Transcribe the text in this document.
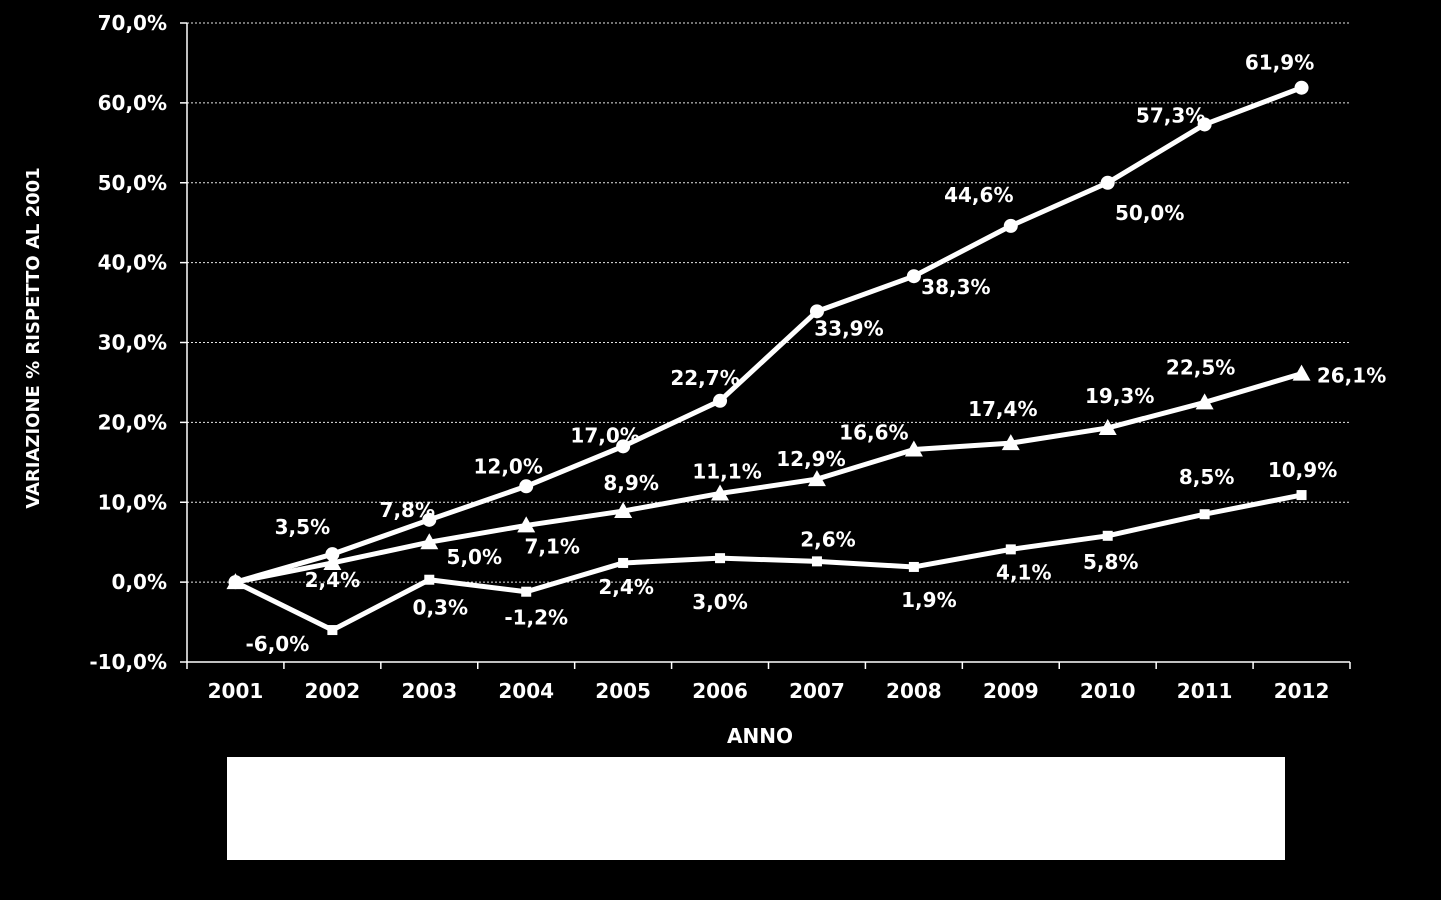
-10,0%
0,0%
10,0%
20,0%
30,0%
40,0%
50,0%
60,0%
70,0%
2001 2002 2003 2004 2005 2006 2007 2008 2009 2010 2011 2012
3,5%
7,8%
12,0%
17,0%
22,7%
33,9%
38,3%
44,6%
50,0%
57,3%
61,9%
2,4%
5,0% 7,1%
8,9% 11,1%
12,9%
16,6%
17,4%
19,3%
22,5%	26,1%
-6,0%
0,3% -1,2%
2,4%
3,0%
2,6%
1,9%
4,1% 5,8%
8,5% 10,9%
ANNO
VARIAZIONE % RISPETTO AL 2001
